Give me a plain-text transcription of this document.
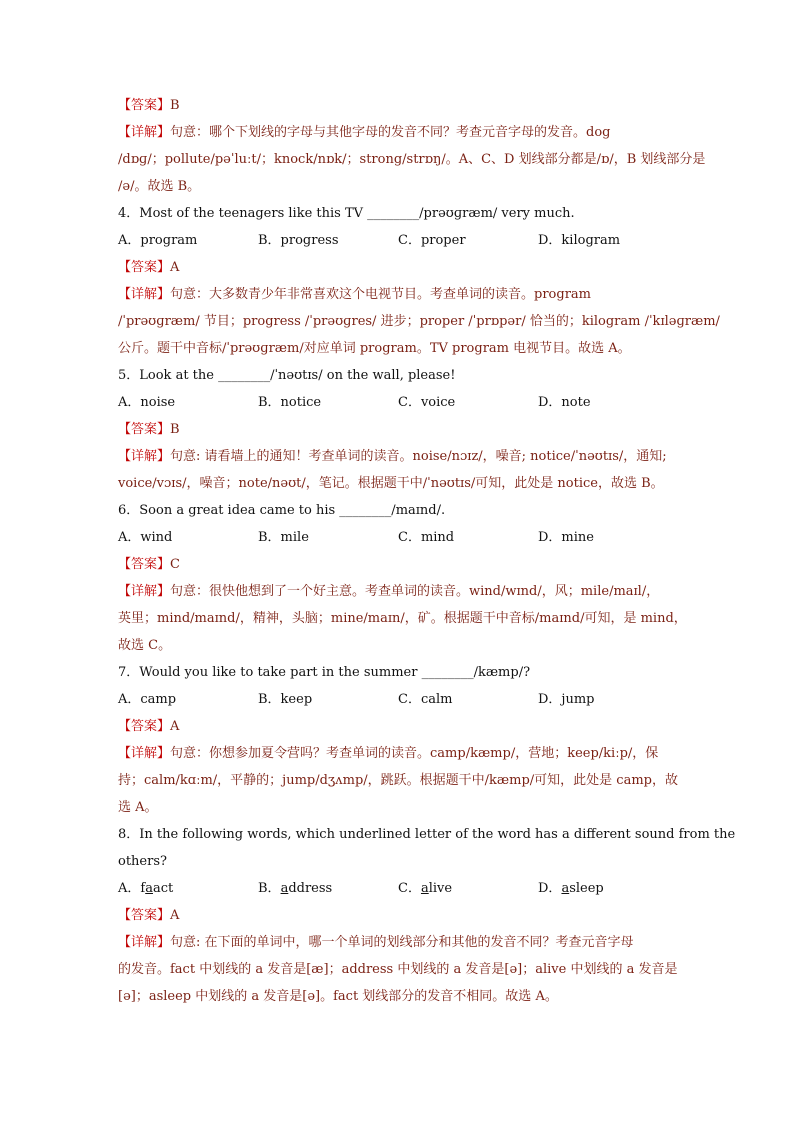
【答案】B
【详解】句意：哪个下划线的字母与其他字母的发音不同？考查元音字母的发音。dog
/dɒɡ/；pollute/pəˈluːt/；knock/nɒk/；strong/strɒŋ/。A、C、D 划线部分都是/ɒ/，B 划线部分是
/ə/。故选 B。
4．Most of the teenagers like this TV ________/prəʊɡræm/ very much.
A．program	B．progress	C．proper	D．kilogram
【答案】A
【详解】句意：大多数青少年非常喜欢这个电视节目。考查单词的读音。program
/ˈprəʊɡræm/ 节目；progress /ˈprəʊɡres/ 进步；proper /ˈprɒpər/ 恰当的；kilogram /ˈkɪləɡræm/
公斤。题干中音标/ˈprəʊɡræm/对应单词 program。TV program 电视节目。故选 A。
5．Look at the ________/ˈnəʊtɪs/ on the wall, please!
A．noise	B．notice	C．voice	D．note
【答案】B
【详解】句意: 请看墙上的通知！考查单词的读音。noise/nɔɪz/，噪音; notice/ˈnəʊtɪs/，通知;
voice/vɔɪs/，噪音；note/nəʊt/，笔记。根据题干中/ˈnəʊtɪs/可知，此处是 notice，故选 B。
6．Soon a great idea came to his ________/maɪnd/.
A．wind	B．mile	C．mind	D．mine
【答案】C
【详解】句意：很快他想到了一个好主意。考查单词的读音。wind/wɪnd/，风；mile/maɪl/，
英里；mind/maɪnd/，精神，头脑；mine/maɪn/，矿。根据题干中音标/maɪnd/可知，是 mind，
故选 C。
7．Would you like to take part in the summer ________/kæmp/?
A．camp	B．keep	C．calm	D．jump
【答案】A
【详解】句意：你想参加夏令营吗？考查单词的读音。camp/kæmp/，营地；keep/kiːp/，保
持；calm/kɑːm/，平静的；jump/dʒʌmp/，跳跃。根据题干中/kæmp/可知，此处是 camp，故
选 A。
8．In the following words, which underlined letter of the word has a different sound from the
others?
A．faact	B．address	C．alive	D．asleep
【答案】A
【详解】句意: 在下面的单词中，哪一个单词的划线部分和其他的发音不同？考查元音字母
的发音。fact 中划线的 a 发音是[æ]；address 中划线的 a 发音是[ə]；alive 中划线的 a 发音是
[ə]；asleep 中划线的 a 发音是[ə]。fact 划线部分的发音不相同。故选 A。
